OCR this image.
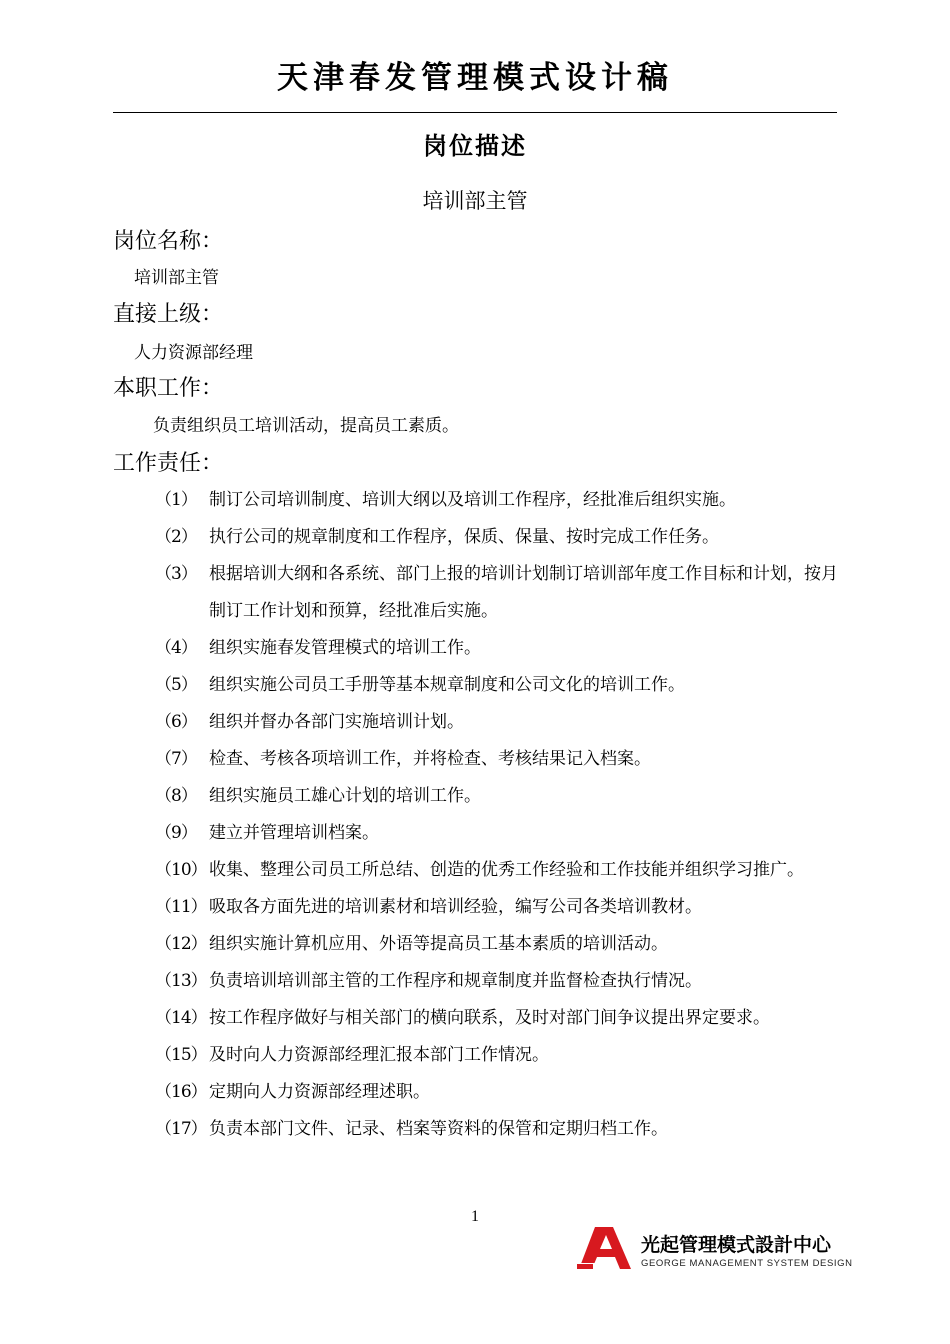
天津春发管理模式设计稿
岗位描述
培训部主管
岗位名称：
培训部主管
直接上级：
人力资源部经理
本职工作：
负责组织员工培训活动，提高员工素质。
工作责任：
（1） 制订公司培训制度、培训大纲以及培训工作程序，经批准后组织实施。
（2） 执行公司的规章制度和工作程序，保质、保量、按时完成工作任务。
（3） 根据培训大纲和各系统、部门上报的培训计划制订培训部年度工作目标和计划，按月制订工作计划和预算，经批准后实施。
（4） 组织实施春发管理模式的培训工作。
（5） 组织实施公司员工手册等基本规章制度和公司文化的培训工作。
（6） 组织并督办各部门实施培训计划。
（7） 检查、考核各项培训工作，并将检查、考核结果记入档案。
（8） 组织实施员工雄心计划的培训工作。
（9） 建立并管理培训档案。
（10） 收集、整理公司员工所总结、创造的优秀工作经验和工作技能并组织学习推广。
（11） 吸取各方面先进的培训素材和培训经验，编写公司各类培训教材。
（12） 组织实施计算机应用、外语等提高员工基本素质的培训活动。
（13） 负责培训培训部主管的工作程序和规章制度并监督检查执行情况。
（14） 按工作程序做好与相关部门的横向联系，及时对部门间争议提出界定要求。
（15） 及时向人力资源部经理汇报本部门工作情况。
（16） 定期向人力资源部经理述职。
（17） 负责本部门文件、记录、档案等资料的保管和定期归档工作。
1
光起管理模式設計中心
GEORGE MANAGEMENT SYSTEM DESIGN
